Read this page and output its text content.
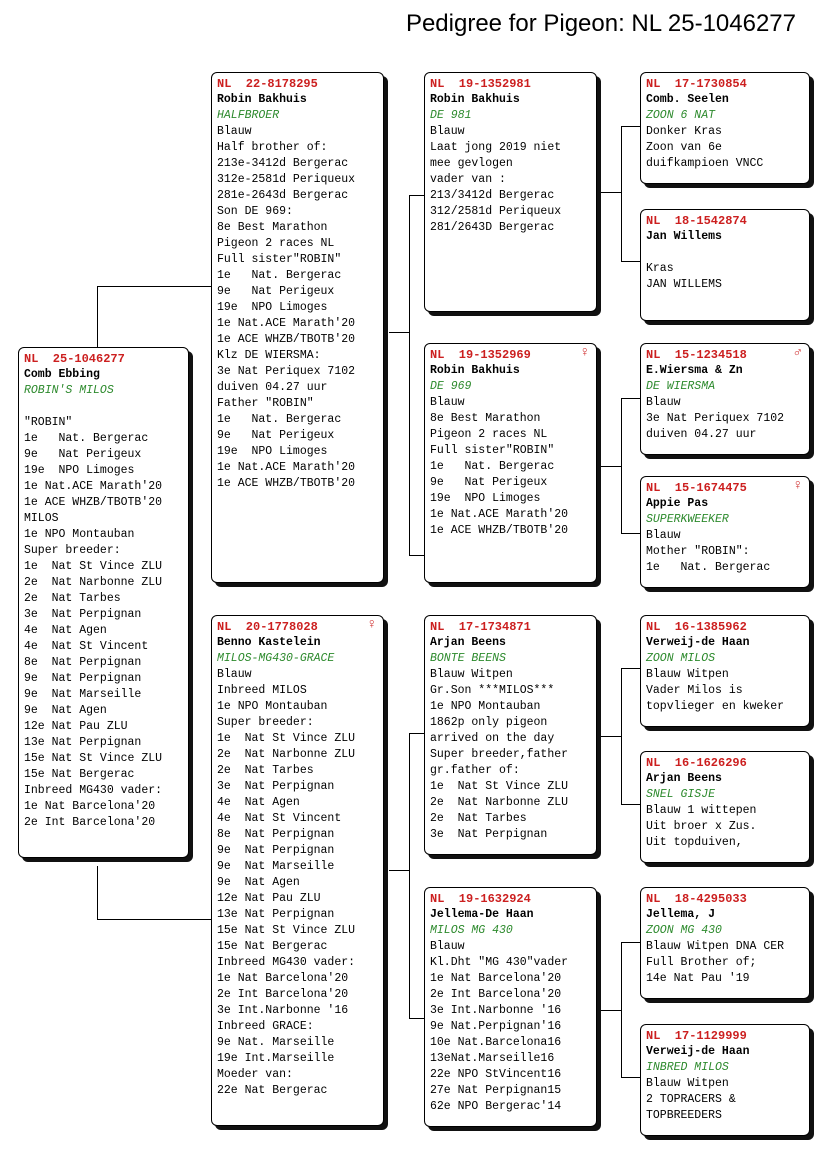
Pedigree for Pigeon: NL 25-1046277
NL  25-1046277
Comb Ebbing
ROBIN'S MILOS
"ROBIN"
1e   Nat. Bergerac
9e   Nat Perigeux
19e  NPO Limoges
1e Nat.ACE Marath'20
1e ACE WHZB/TBOTB'20
MILOS
1e NPO Montauban
Super breeder:
1e  Nat St Vince ZLU
2e  Nat Narbonne ZLU
2e  Nat Tarbes
3e  Nat Perpignan
4e  Nat Agen
4e  Nat St Vincent
8e  Nat Perpignan
9e  Nat Perpignan
9e  Nat Marseille
9e  Nat Agen
12e Nat Pau ZLU
13e Nat Perpignan
15e Nat St Vince ZLU
15e Nat Bergerac
Inbreed MG430 vader:
1e Nat Barcelona'20
2e Int Barcelona'20
NL  22-8178295
Robin Bakhuis
HALFBROER
Blauw
Half brother of:
213e-3412d Bergerac
312e-2581d Periqueux
281e-2643d Bergerac
Son DE 969:
8e Best Marathon
Pigeon 2 races NL
Full sister"ROBIN"
1e   Nat. Bergerac
9e   Nat Perigeux
19e  NPO Limoges
1e Nat.ACE Marath'20
1e ACE WHZB/TBOTB'20
Klz DE WIERSMA:
3e Nat Periquex 7102
duiven 04.27 uur
Father "ROBIN"
1e   Nat. Bergerac
9e   Nat Perigeux
19e  NPO Limoges
1e Nat.ACE Marath'20
1e ACE WHZB/TBOTB'20
NL  20-1778028	♀
Benno Kastelein
MILOS-MG430-GRACE
Blauw
Inbreed MILOS
1e NPO Montauban
Super breeder:
1e  Nat St Vince ZLU
2e  Nat Narbonne ZLU
2e  Nat Tarbes
3e  Nat Perpignan
4e  Nat Agen
4e  Nat St Vincent
8e  Nat Perpignan
9e  Nat Perpignan
9e  Nat Marseille
9e  Nat Agen
12e Nat Pau ZLU
13e Nat Perpignan
15e Nat St Vince ZLU
15e Nat Bergerac
Inbreed MG430 vader:
1e Nat Barcelona'20
2e Int Barcelona'20
3e Int.Narbonne '16
Inbreed GRACE:
9e Nat. Marseille
19e Int.Marseille
Moeder van:
22e Nat Bergerac
NL  19-1352981
Robin Bakhuis
DE 981
Blauw
Laat jong 2019 niet
mee gevlogen
vader van :
213/3412d Bergerac
312/2581d Periqueux
281/2643D Bergerac
NL  19-1352969	♀
Robin Bakhuis
DE 969
Blauw
8e Best Marathon
Pigeon 2 races NL
Full sister"ROBIN"
1e   Nat. Bergerac
9e   Nat Perigeux
19e  NPO Limoges
1e Nat.ACE Marath'20
1e ACE WHZB/TBOTB'20
NL  17-1734871
Arjan Beens
BONTE BEENS
Blauw Witpen
Gr.Son ***MILOS***
1e NPO Montauban
1862p only pigeon
arrived on the day
Super breeder,father
gr.father of:
1e  Nat St Vince ZLU
2e  Nat Narbonne ZLU
2e  Nat Tarbes
3e  Nat Perpignan
NL  19-1632924
Jellema-De Haan
MILOS MG 430
Blauw
Kl.Dht "MG 430"vader
1e Nat Barcelona'20
2e Int Barcelona'20
3e Int.Narbonne '16
9e Nat.Perpignan'16
10e Nat.Barcelona16
13eNat.Marseille16
22e NPO StVincent16
27e Nat Perpignan15
62e NPO Bergerac'14
NL  17-1730854
Comb. Seelen
ZOON 6 NAT
Donker Kras
Zoon van 6e
duifkampioen VNCC
NL  18-1542874
Jan Willems
Kras
JAN WILLEMS
NL  15-1234518	♂
E.Wiersma & Zn
DE WIERSMA
Blauw
3e Nat Periquex 7102
duiven 04.27 uur
NL  15-1674475	♀
Appie Pas
SUPERKWEEKER
Blauw
Mother "ROBIN":
1e   Nat. Bergerac
NL  16-1385962
Verweij-de Haan
ZOON MILOS
Blauw Witpen
Vader Milos is
topvlieger en kweker
NL  16-1626296
Arjan Beens
SNEL GISJE
Blauw 1 wittepen
Uit broer x Zus.
Uit topduiven,
NL  18-4295033
Jellema, J
ZOON MG 430
Blauw Witpen DNA CER
Full Brother of;
14e Nat Pau '19
NL  17-1129999
Verweij-de Haan
INBRED MILOS
Blauw Witpen
2 TOPRACERS &
TOPBREEDERS
